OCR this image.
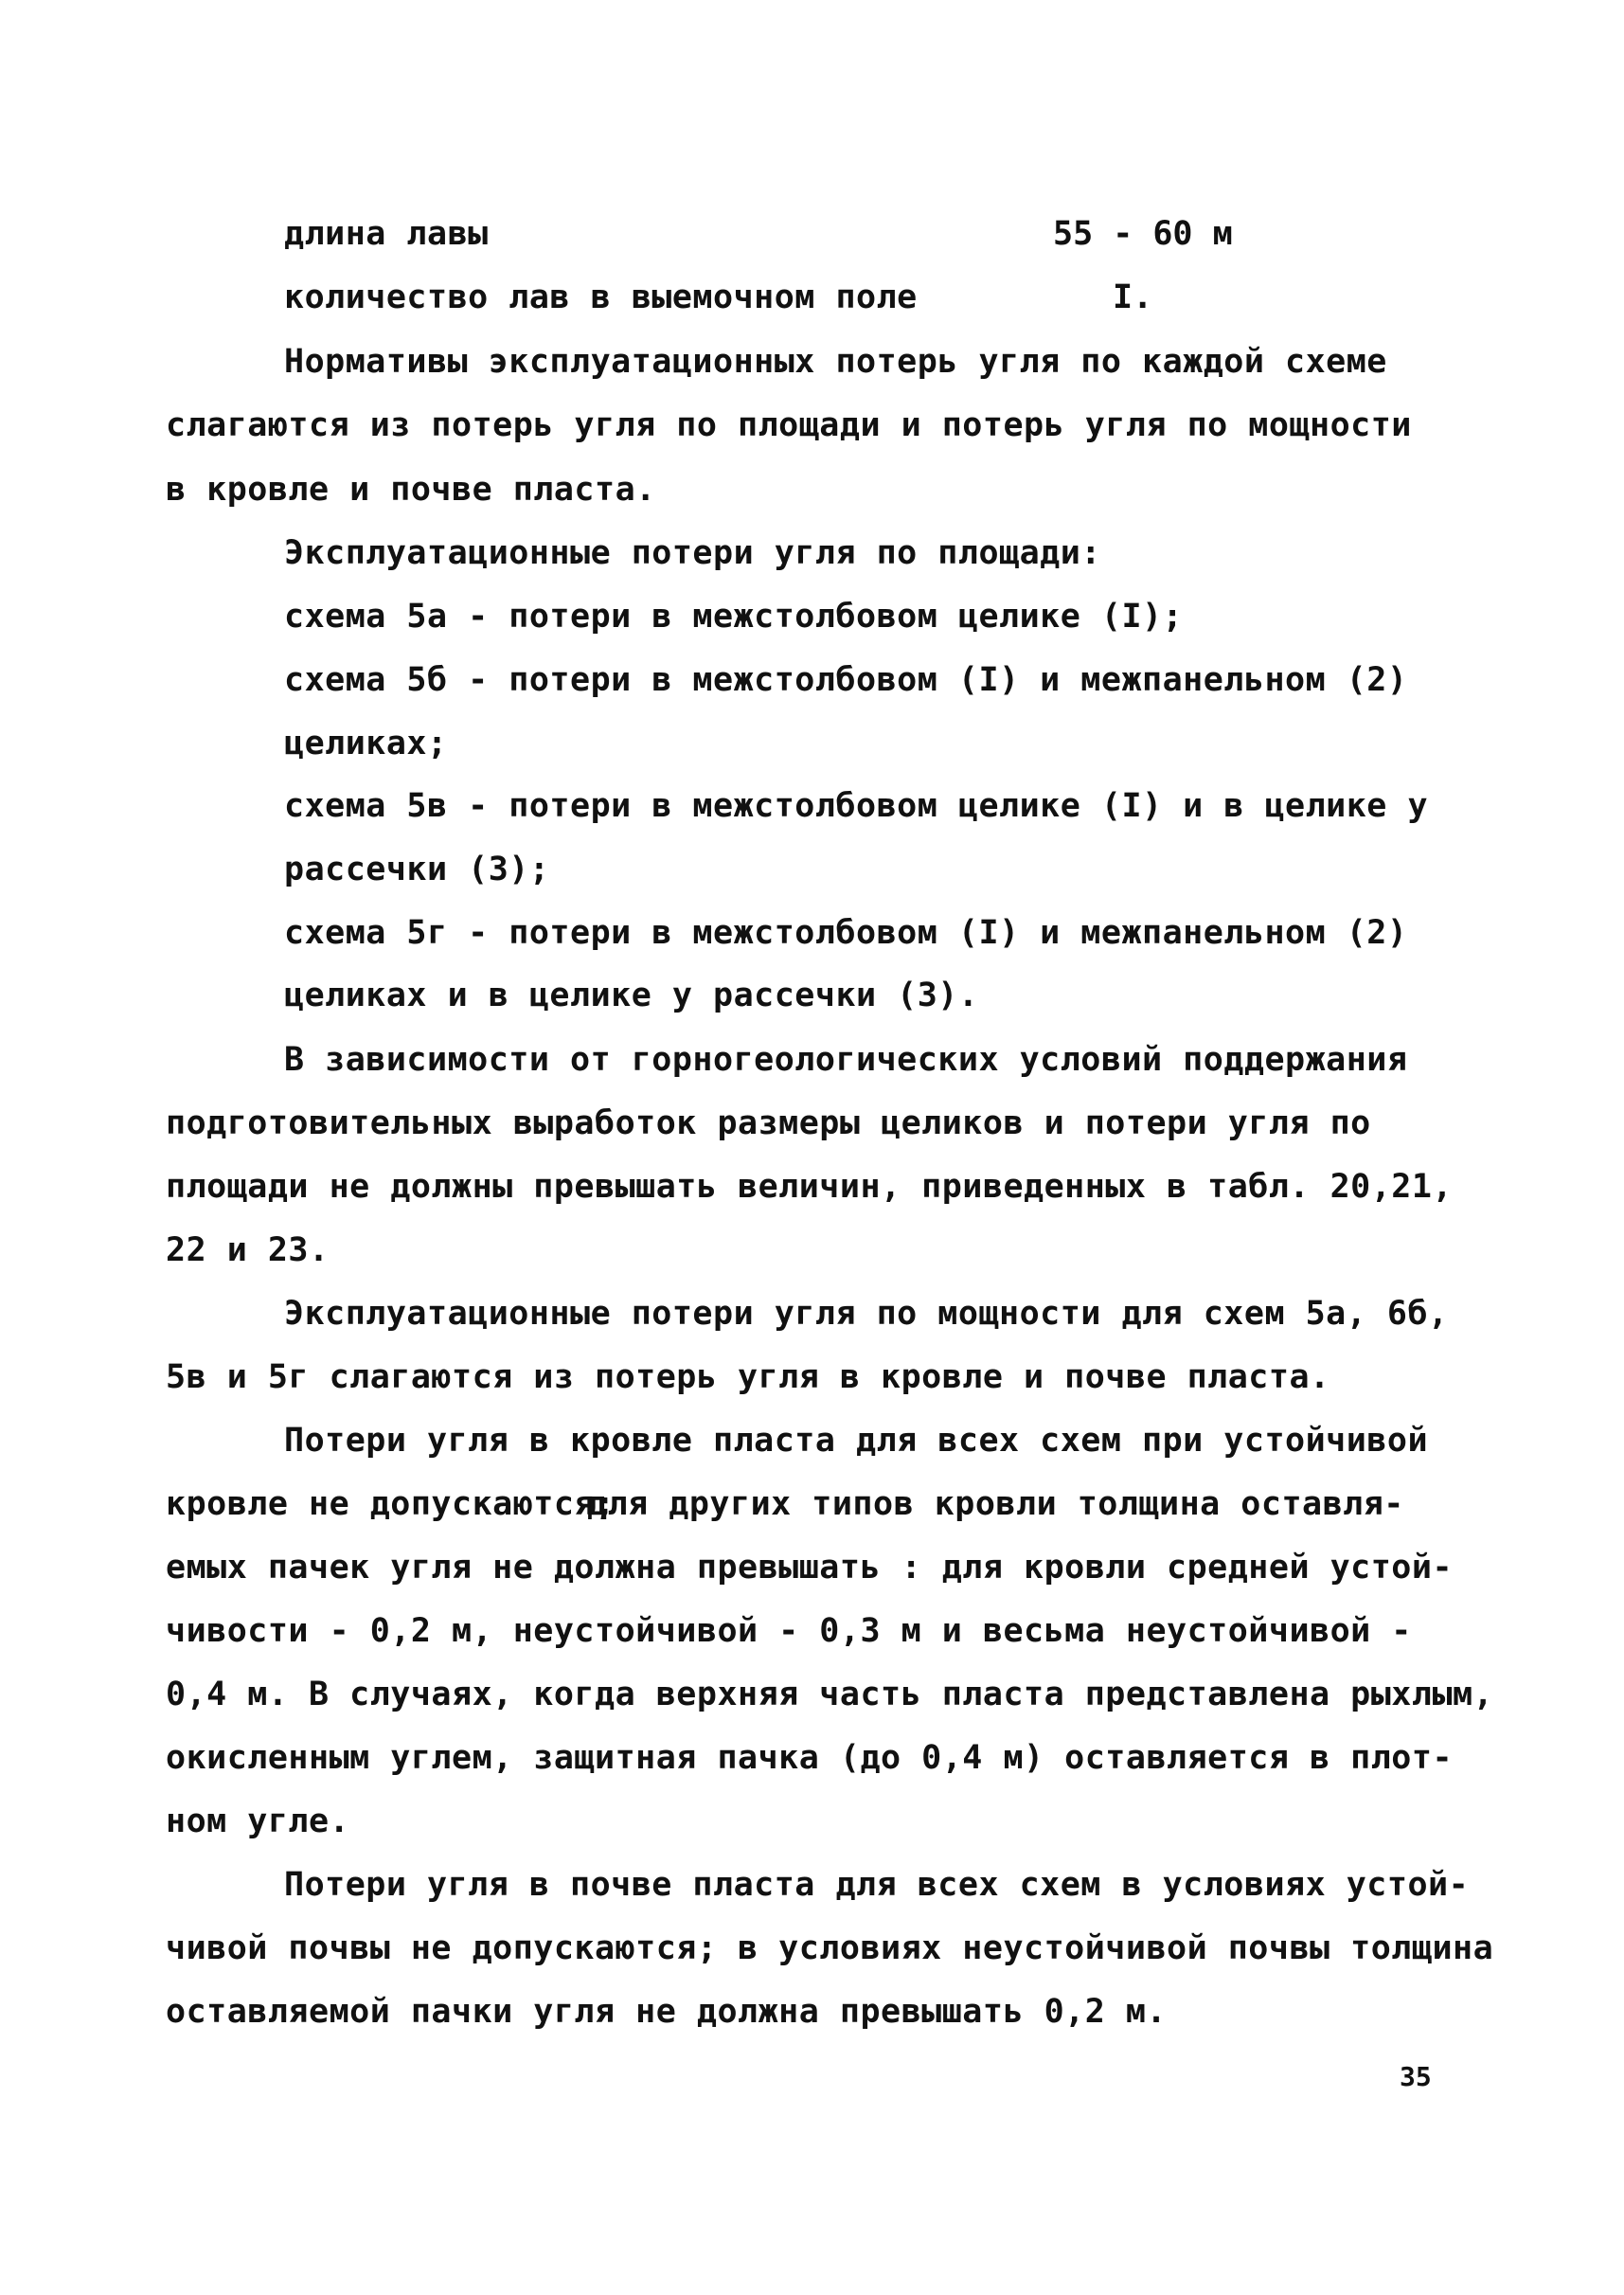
длина лавы	55 - 60 м
количество лав в выемочном поле	I.
Нормативы эксплуатационных потерь угля по каждой схеме
слагаются из потерь угля по площади и потерь угля по мощности
в кровле и почве пласта.
Эксплуатационные потери угля по площади:
схема 5а - потери в межстолбовом целике (I);
схема 5б - потери в межстолбовом (I) и межпанельном (2)
целиках;
схема 5в - потери в межстолбовом целике (I) и в целике у
рассечки (3);
схема 5г - потери в межстолбовом (I) и межпанельном (2)
целиках и в целике у рассечки (3).
В зависимости от горногеологических условий поддержания
подготовительных выработок размеры целиков и потери угля по
площади не должны превышать величин, приведенных в табл. 20,21,
22 и 23.
Эксплуатационные потери угля по мощности для схем 5а, 6б,
5в и 5г слагаются из потерь угля в кровле и почве пласта.
Потери угля в кровле пласта для всех схем при устойчивой
кровле не допускаются;
для других типов кровли толщина оставля-
емых пачек угля не должна превышать : для кровли средней устой-
чивости - 0,2 м, неустойчивой - 0,3 м и весьма неустойчивой -
0,4 м. В случаях, когда верхняя часть пласта представлена рыхлым,
окисленным углем, защитная пачка (до 0,4 м) оставляется в плот-
ном угле.
Потери угля в почве пласта для всех схем в условиях устой-
чивой почвы не допускаются; в условиях неустойчивой почвы толщина
оставляемой пачки угля не должна превышать 0,2 м.
35
